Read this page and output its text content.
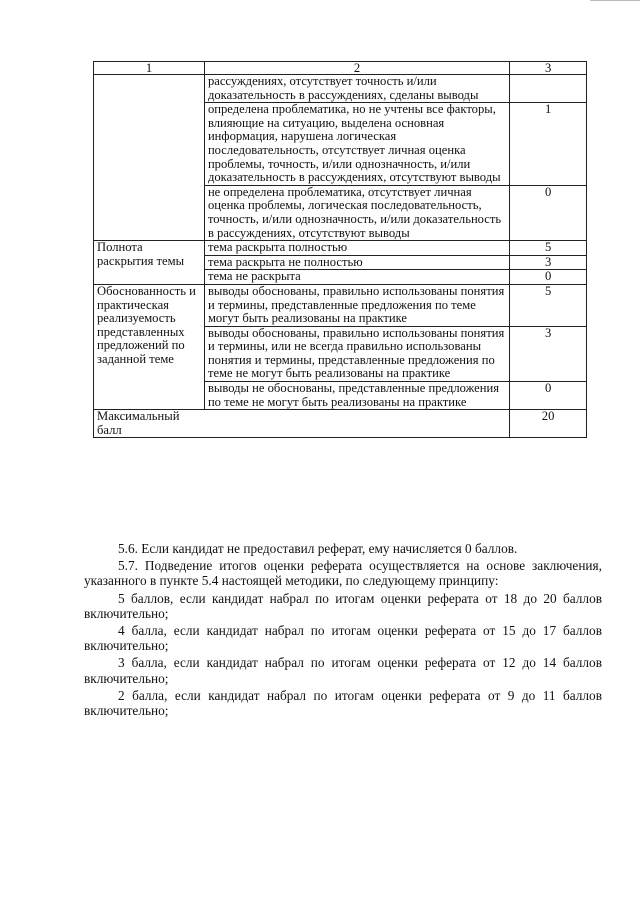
1	2	3
	рассуждениях, отсутствует точность и/или доказательность в рассуждениях, сделаны выводы	
	определена проблематика, но не учтены все факторы, влияющие на ситуацию, выделена основная информация, нарушена логическая последовательность, отсутствует личная оценка проблемы, точность, и/или однозначность, и/или доказательность в рассуждениях, отсутствуют выводы	1
	не определена проблематика, отсутствует личная оценка проблемы, логическая последовательность, точность, и/или однозначность, и/или доказательность в рассуждениях, отсутствуют выводы	0
Полнота раскрытия темы	тема раскрыта полностью	5
	тема раскрыта не полностью	3
	тема не раскрыта	0
Обоснованность и практическая реализуемость представленных предложений по заданной теме	выводы обоснованы, правильно использованы понятия и термины, представленные предложения по теме могут быть реализованы на практике	5
	выводы обоснованы, правильно использованы понятия и термины, или не всегда правильно использованы понятия и термины, представленные предложения по теме не могут быть реализованы на практике	3
	выводы не обоснованы, представленные предложения по теме не могут быть реализованы на практике	0
Максимальный балл		20

5.6. Если кандидат не предоставил реферат, ему начисляется 0 баллов.

5.7. Подведение итогов оценки реферата осуществляется на основе заключения, указанного в пункте 5.4 настоящей методики, по следующему принципу:

5 баллов, если кандидат набрал по итогам оценки реферата от 18 до 20 баллов включительно;

4 балла, если кандидат набрал по итогам оценки реферата от 15 до 17 баллов включительно;

3 балла, если кандидат набрал по итогам оценки реферата от 12 до 14 баллов включительно;

2 балла, если кандидат набрал по итогам оценки реферата от 9 до 11 баллов включительно;
